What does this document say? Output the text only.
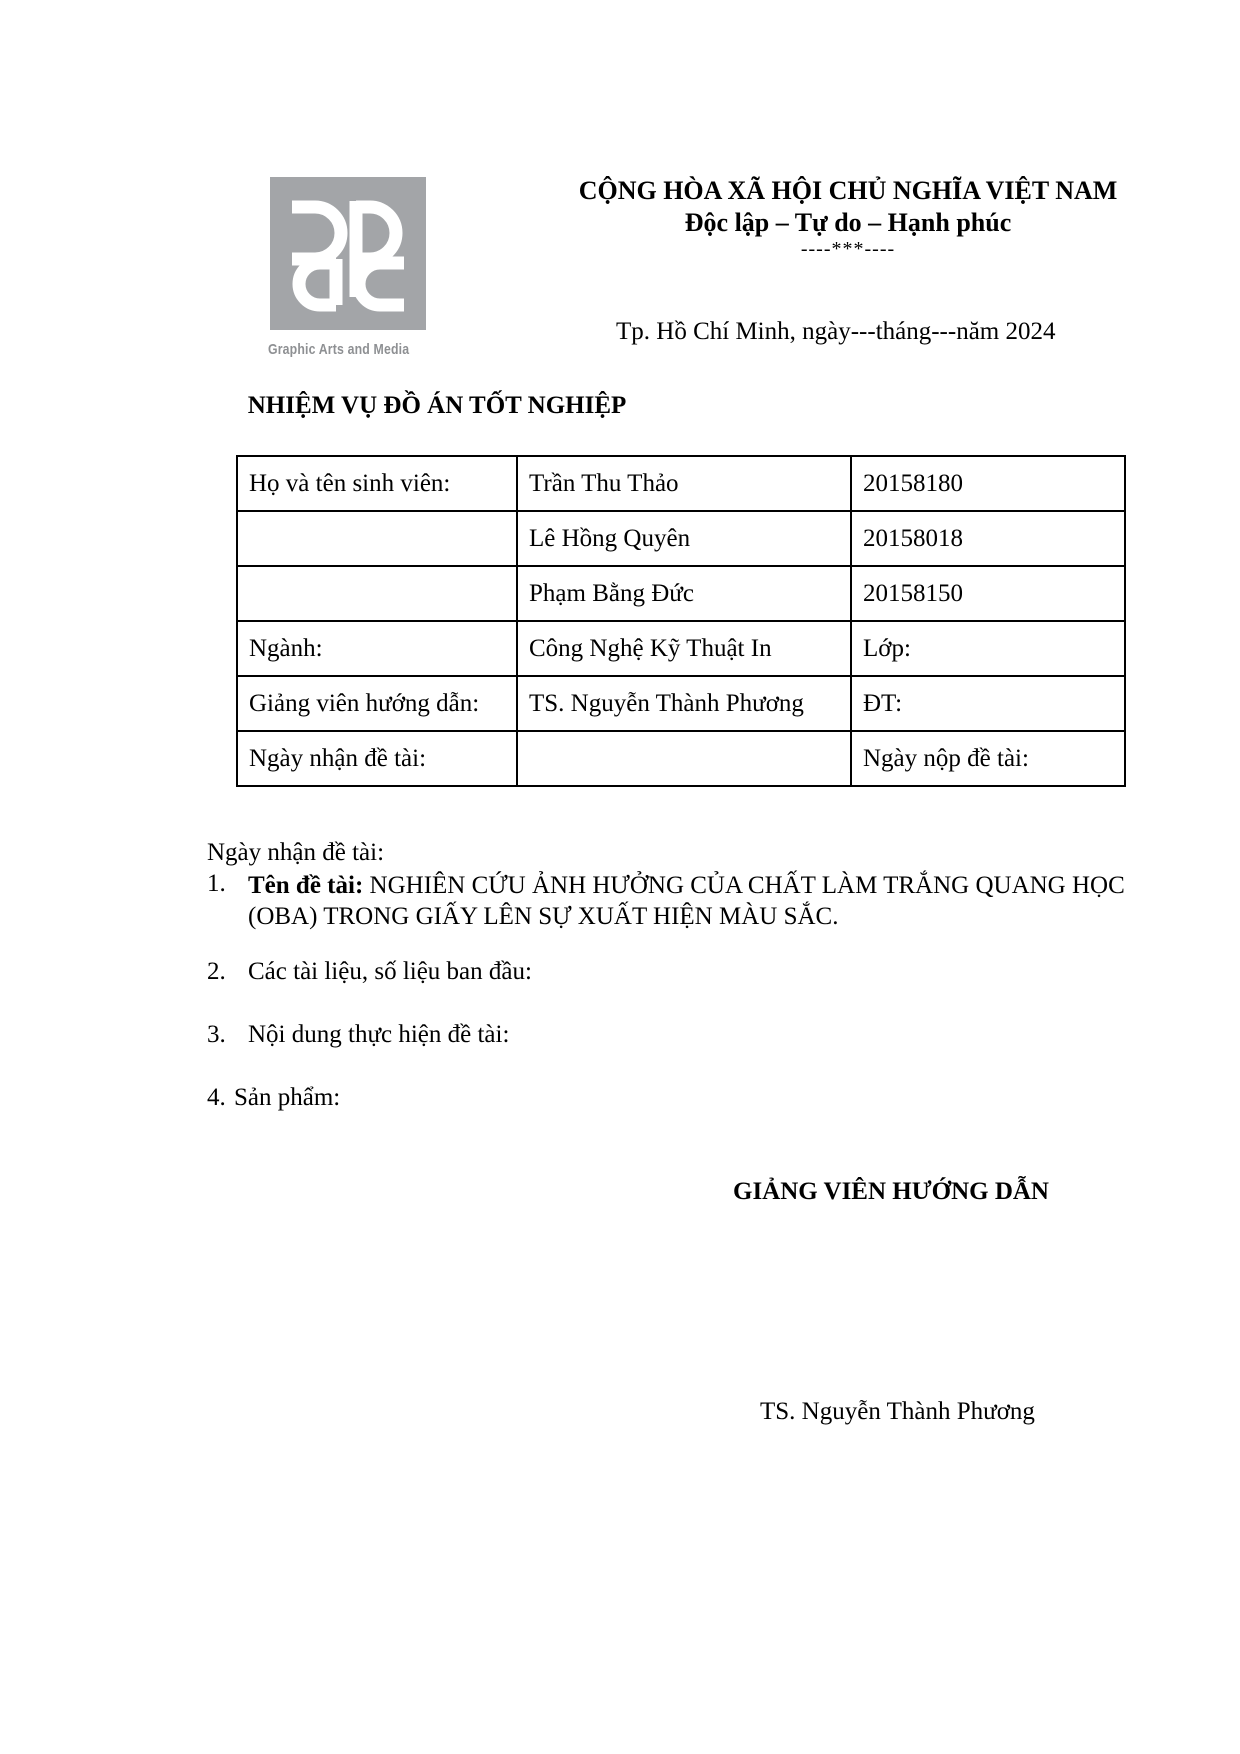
Graphic Arts and Media
CỘNG HÒA XÃ HỘI CHỦ NGHĨA VIỆT NAM
Độc lập – Tự do – Hạnh phúc
----***----
Tp. Hồ Chí Minh, ngày---tháng---năm 2024
NHIỆM VỤ ĐỒ ÁN TỐT NGHIỆP
Họ và tên sinh viên:	Trần Thu Thảo	20158180
	Lê Hồng Quyên	20158018
	Phạm Bằng Đức	20158150
Ngành:	Công Nghệ Kỹ Thuật In	Lớp:
Giảng viên hướng dẫn:	TS. Nguyễn Thành Phương	ĐT:
Ngày nhận đề tài:		Ngày nộp đề tài:
Ngày nhận đề tài:
1. Tên đề tài: NGHIÊN CỨU ẢNH HƯỞNG CỦA CHẤT LÀM TRẮNG QUANG HỌC (OBA) TRONG GIẤY LÊN SỰ XUẤT HIỆN MÀU SẮC.
2. Các tài liệu, số liệu ban đầu:
3. Nội dung thực hiện đề tài:
4. Sản phẩm:
GIẢNG VIÊN HƯỚNG DẪN
TS. Nguyễn Thành Phương
